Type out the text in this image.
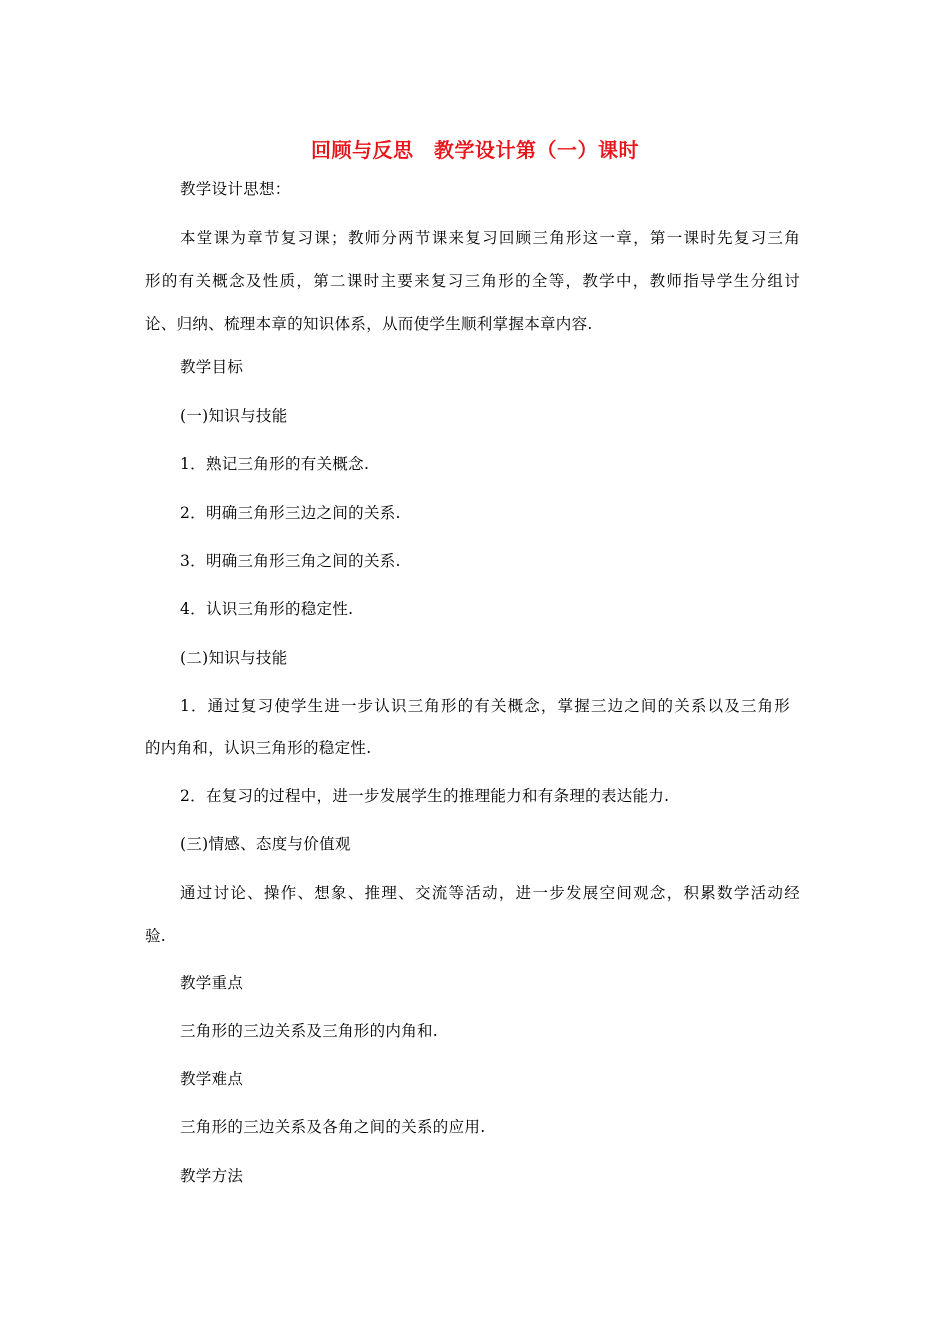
回顾与反思　教学设计第（一）课时
教学设计思想：
本堂课为章节复习课；教师分两节课来复习回顾三角形这一章，第一课时先复习三角
形的有关概念及性质，第二课时主要来复习三角形的全等，教学中，教师指导学生分组讨
论、归纳、梳理本章的知识体系，从而使学生顺利掌握本章内容.
教学目标
(一)知识与技能
1．熟记三角形的有关概念.
2．明确三角形三边之间的关系.
3．明确三角形三角之间的关系.
4．认识三角形的稳定性.
(二)知识与技能
1．通过复习使学生进一步认识三角形的有关概念，掌握三边之间的关系以及三角形
的内角和，认识三角形的稳定性.
2．在复习的过程中，进一步发展学生的推理能力和有条理的表达能力.
(三)情感、态度与价值观
通过讨论、操作、想象、推理、交流等活动，进一步发展空间观念，积累数学活动经
验.
教学重点
三角形的三边关系及三角形的内角和.
教学难点
三角形的三边关系及各角之间的关系的应用.
教学方法
